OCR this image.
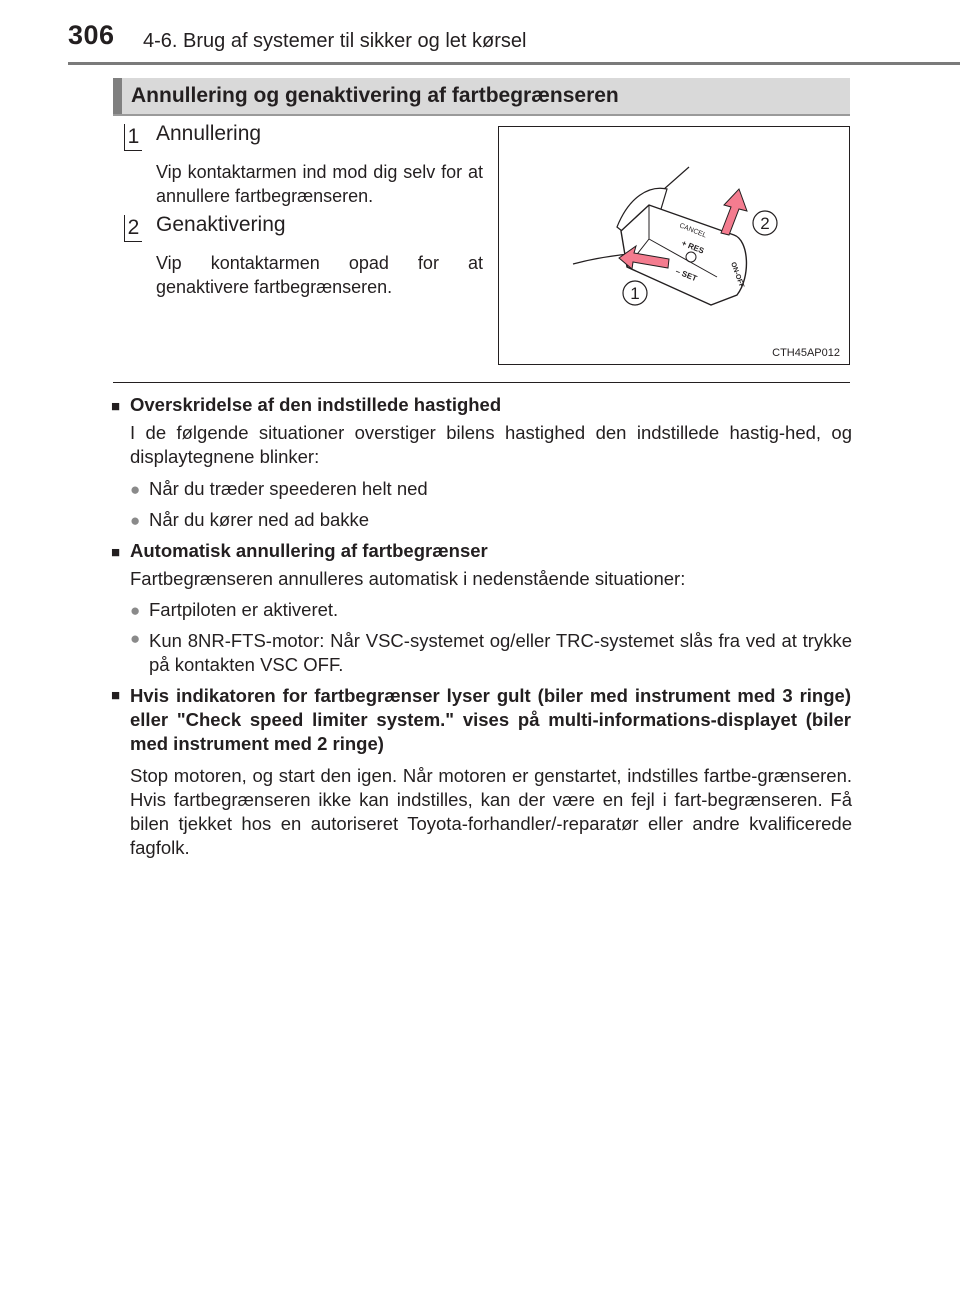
306 4-6. Brug af systemer til sikker og let kørsel
Annullering og genaktivering af fartbegrænseren
1 Annullering
Vip kontaktarmen ind mod dig selv for at annullere fartbegrænseren.
2 Genaktivering
Vip kontaktarmen opad for at genaktivere fartbegrænseren.
CANCEL
+ RES
– SET	ON-OFF
1
2
CTH45AP012
■ Overskridelse af den indstillede hastighed
I de følgende situationer overstiger bilens hastighed den indstillede hastig-hed, og displaytegnene blinker:
● Når du træder speederen helt ned
● Når du kører ned ad bakke
■ Automatisk annullering af fartbegrænser
Fartbegrænseren annulleres automatisk i nedenstående situationer:
● Fartpiloten er aktiveret.
● Kun 8NR-FTS-motor: Når VSC-systemet og/eller TRC-systemet slås fra ved at trykke på kontakten VSC OFF.
■ Hvis indikatoren for fartbegrænser lyser gult (biler med instrument med 3 ringe) eller "Check speed limiter system." vises på multi-informations-displayet (biler med instrument med 2 ringe)
Stop motoren, og start den igen. Når motoren er genstartet, indstilles fartbe-grænseren. Hvis fartbegrænseren ikke kan indstilles, kan der være en fejl i fart-begrænseren. Få bilen tjekket hos en autoriseret Toyota-forhandler/-reparatør eller andre kvalificerede fagfolk.
